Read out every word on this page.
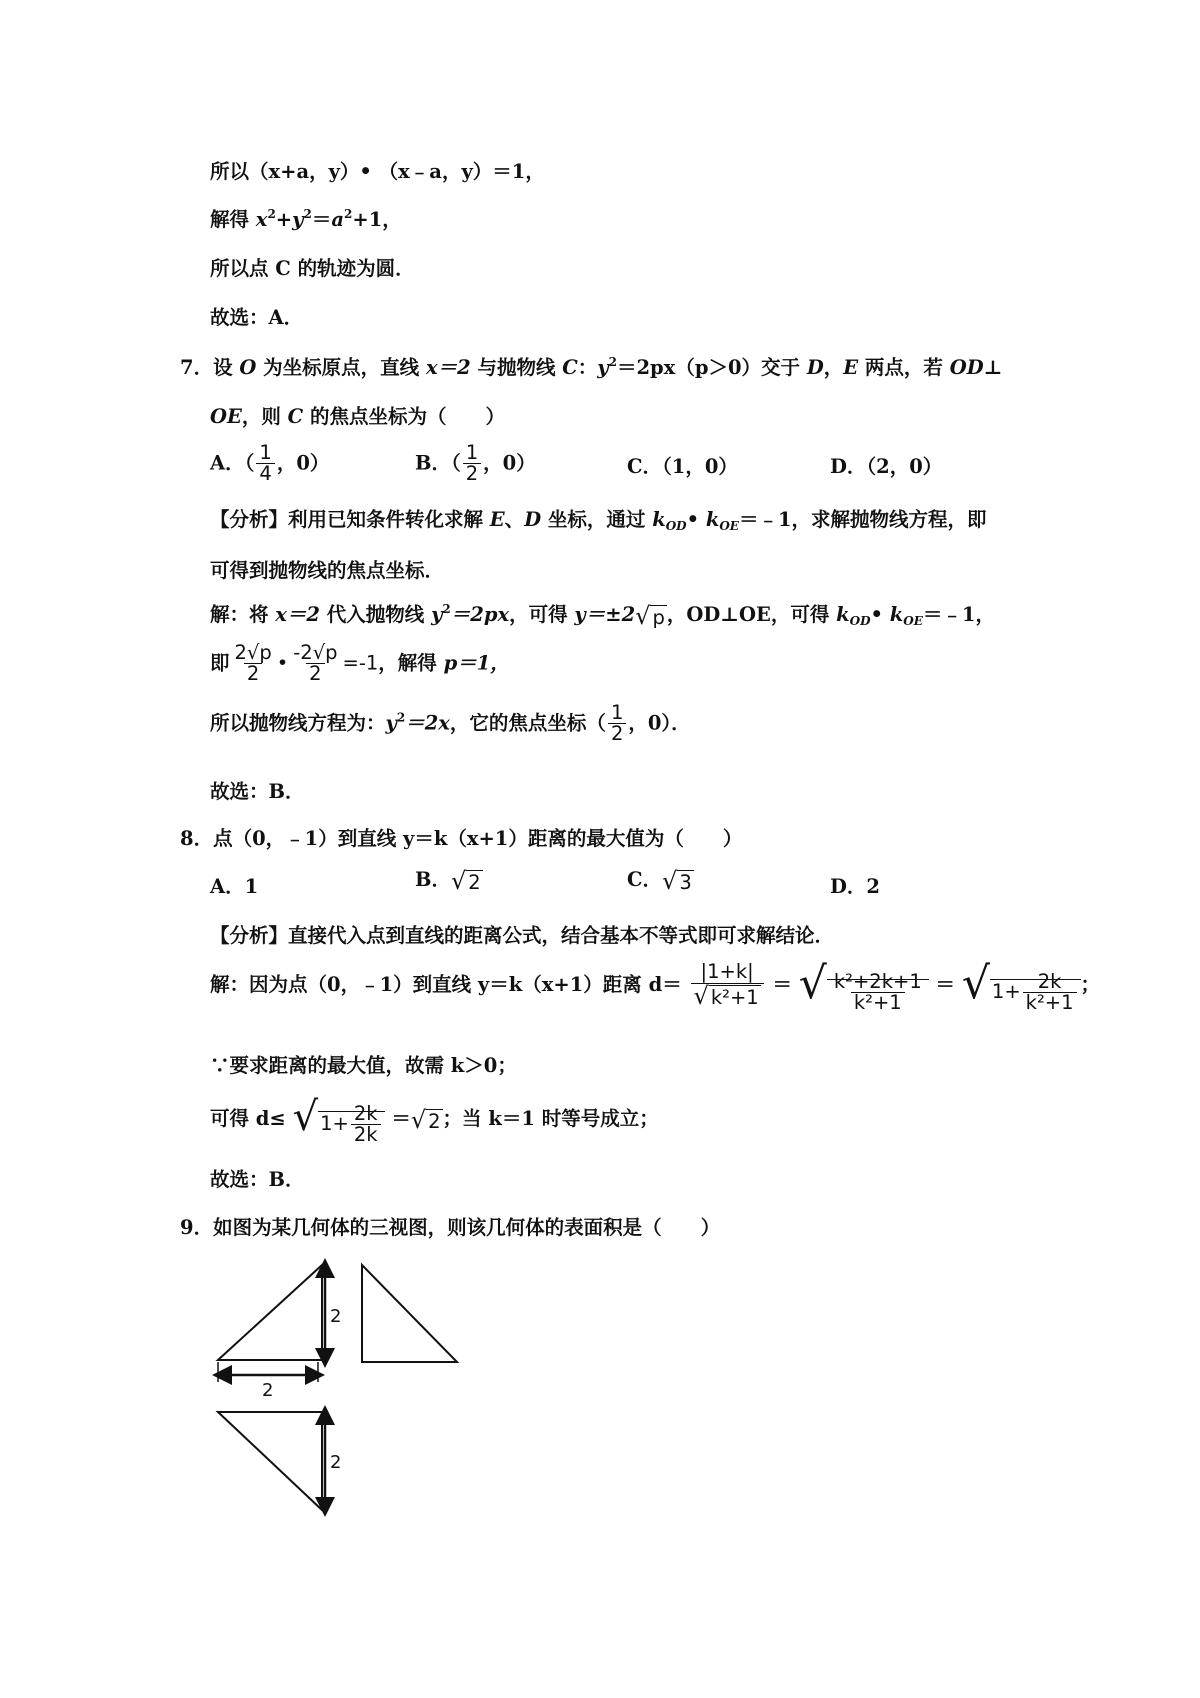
所以（x+a，y）• （x﹣a，y）＝1，
解得 $x^2+y^2=a^2+1$，
所以点 C 的轨迹为圆．
故选：A．
7．设 O 为坐标原点，直线 x＝2 与抛物线 C：$y^2=2px(p>0)$交于 D，E 两点，若 OD⊥
OE，则 C 的焦点坐标为（　　）
A．（ $\frac{1}{4}$ ，0）	B．（ $\frac{1}{2}$ ，0）	C．（1，0）	D．（2，0）
【分析】利用已知条件转化求解 E、D 坐标，通过 $k_{OD}•$ $k_{OE}=﹣1$，求解抛物线方程，即
可得到抛物线的焦点坐标．
解：将 x＝2 代入抛物线 $y^2=2px$，可得 y＝±2√ p ，OD⊥OE，可得 $k_{OD}•$ $k_{OE}=﹣1$，
即 $\frac{2√p}{2}$ • $\frac{-2√p}{2} =-1$，解得 p＝1，
所以抛物线方程为：$y^2=2x$，它的焦点坐标（ $\frac{1}{2}$ ，0）．
故选：B．
8．点（0，﹣1）到直线 y＝k（x+1）距离的最大值为（　　）
A．1	B．√ 2	C．√ 3	D．2
【分析】直接代入点到直线的距离公式，结合基本不等式即可求解结论．
解：因为点（0，﹣1）到直线 y＝k（x+1）距离 $d= \frac{|1+k|}{\text{√ k²+1}}$ ＝ √ $\frac{\text{k²+2k+1}}{\text{k²+1}}$ ＝ √ $1+ \frac{2k}{\text{k²+1}}$ ；
∵要求距离的最大值，故需 k＞0；
可得 d≤ √ $1+ \frac{2k}{2k}$ ＝√ 2 ；当 k＝1 时等号成立；
故选：B．
9．如图为某几何体的三视图，则该几何体的表面积是（　　）
2
2
2
